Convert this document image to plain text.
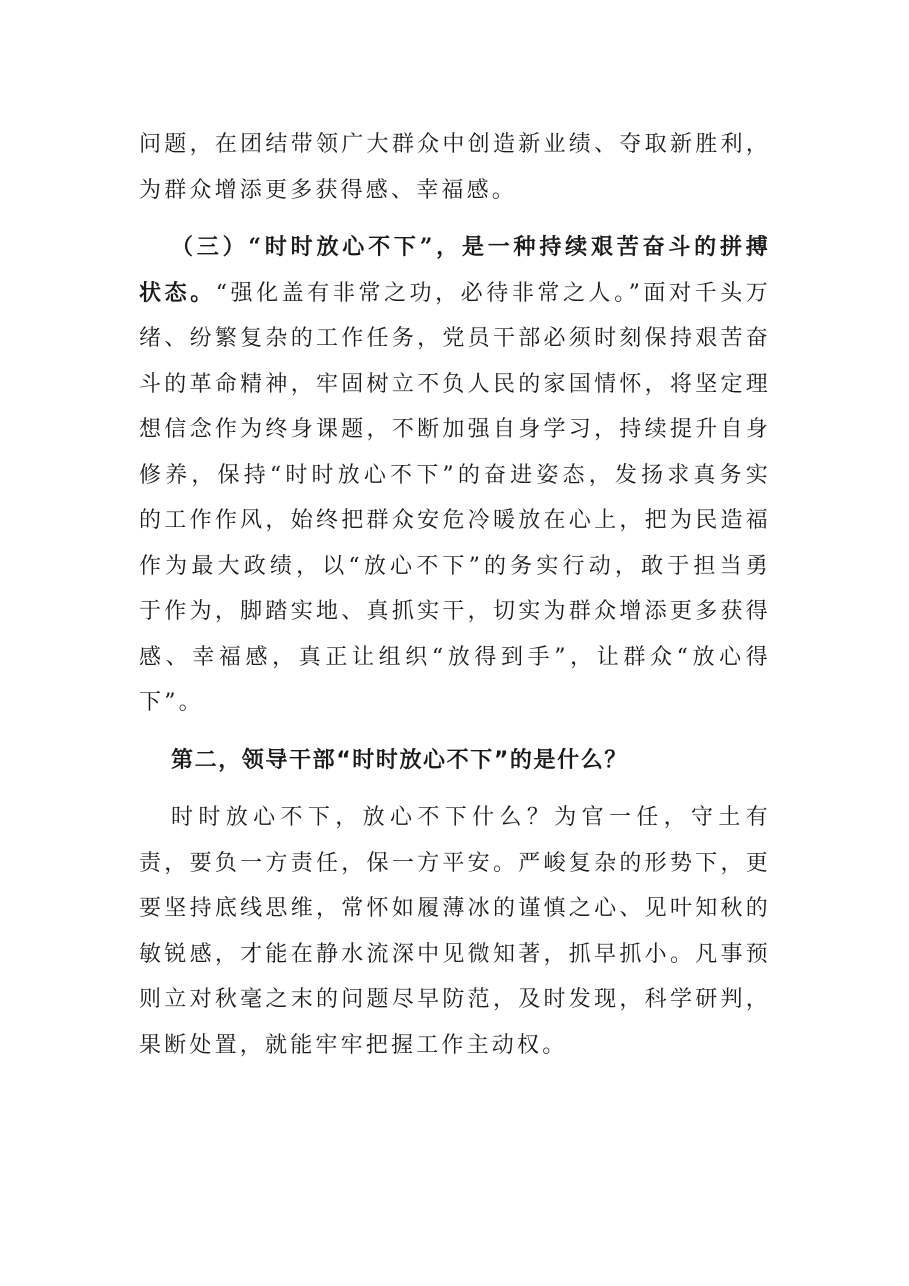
问题，在团结带领广大群众中创造新业绩、夺取新胜利，为群众增添更多获得感、幸福感。

（三）“时时放心不下”，是一种持续艰苦奋斗的拼搏状态。“强化盖有非常之功，必待非常之人。”面对千头万绪、纷繁复杂的工作任务，党员干部必须时刻保持艰苦奋斗的革命精神，牢固树立不负人民的家国情怀，将坚定理想信念作为终身课题，不断加强自身学习，持续提升自身修养，保持“时时放心不下”的奋进姿态，发扬求真务实的工作作风，始终把群众安危冷暖放在心上，把为民造福作为最大政绩，以“放心不下”的务实行动，敢于担当勇于作为，脚踏实地、真抓实干，切实为群众增添更多获得感、幸福感，真正让组织“放得到手”，让群众“放心得下”。

第二，领导干部“时时放心不下”的是什么？

时时放心不下，放心不下什么？为官一任，守土有责，要负一方责任，保一方平安。严峻复杂的形势下，更要坚持底线思维，常怀如履薄冰的谨慎之心、见叶知秋的敏锐感，才能在静水流深中见微知著，抓早抓小。凡事预则立对秋毫之末的问题尽早防范，及时发现，科学研判，果断处置，就能牢牢把握工作主动权。
